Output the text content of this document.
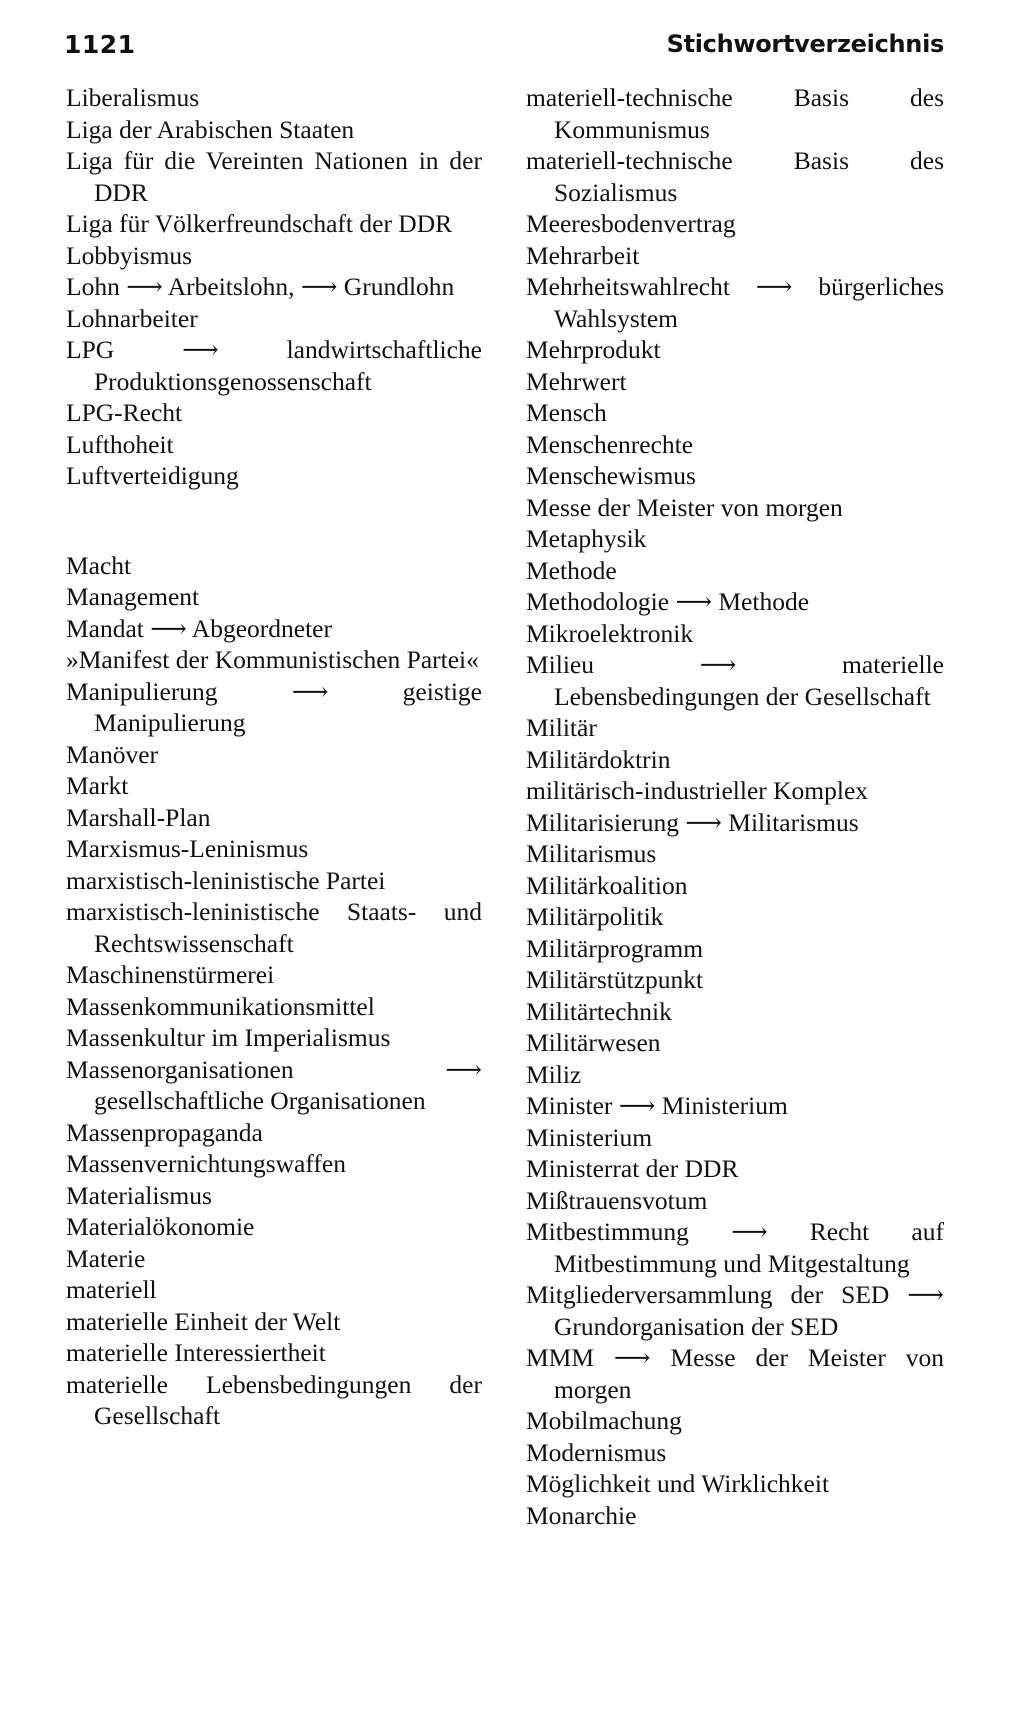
1121	Stichwortverzeichnis
Liberalismus
Liga der Arabischen Staaten
Liga für die Vereinten Nationen in der DDR
Liga für Völkerfreundschaft der DDR
Lobbyismus
Lohn ⟶ Arbeitslohn, ⟶ Grundlohn
Lohnarbeiter
LPG ⟶ landwirtschaftliche Produktionsgenossenschaft
LPG-Recht
Lufthoheit
Luftverteidigung
Macht
Management
Mandat ⟶ Abgeordneter
»Manifest der Kommunistischen Partei«
Manipulierung ⟶ geistige Manipulierung
Manöver
Markt
Marshall-Plan
Marxismus-Leninismus
marxistisch-leninistische Partei
marxistisch-leninistische Staats- und Rechtswissenschaft
Maschinenstürmerei
Massenkommunikationsmittel
Massenkultur im Imperialismus
Massenorganisationen ⟶ gesellschaftliche Organisationen
Massenpropaganda
Massenvernichtungswaffen
Materialismus
Materialökonomie
Materie
materiell
materielle Einheit der Welt
materielle Interessiertheit
materielle Lebensbedingungen der Gesellschaft
materiell-technische Basis des Kommunismus
materiell-technische Basis des Sozialismus
Meeresbodenvertrag
Mehrarbeit
Mehrheitswahlrecht ⟶ bürgerliches Wahlsystem
Mehrprodukt
Mehrwert
Mensch
Menschenrechte
Menschewismus
Messe der Meister von morgen
Metaphysik
Methode
Methodologie ⟶ Methode
Mikroelektronik
Milieu ⟶ materielle Lebensbedingungen der Gesellschaft
Militär
Militärdoktrin
militärisch-industrieller Komplex
Militarisierung ⟶ Militarismus
Militarismus
Militärkoalition
Militärpolitik
Militärprogramm
Militärstützpunkt
Militärtechnik
Militärwesen
Miliz
Minister ⟶ Ministerium
Ministerium
Ministerrat der DDR
Mißtrauensvotum
Mitbestimmung ⟶ Recht auf Mitbestimmung und Mitgestaltung
Mitgliederversammlung der SED ⟶ Grundorganisation der SED
MMM ⟶ Messe der Meister von morgen
Mobilmachung
Modernismus
Möglichkeit und Wirklichkeit
Monarchie
